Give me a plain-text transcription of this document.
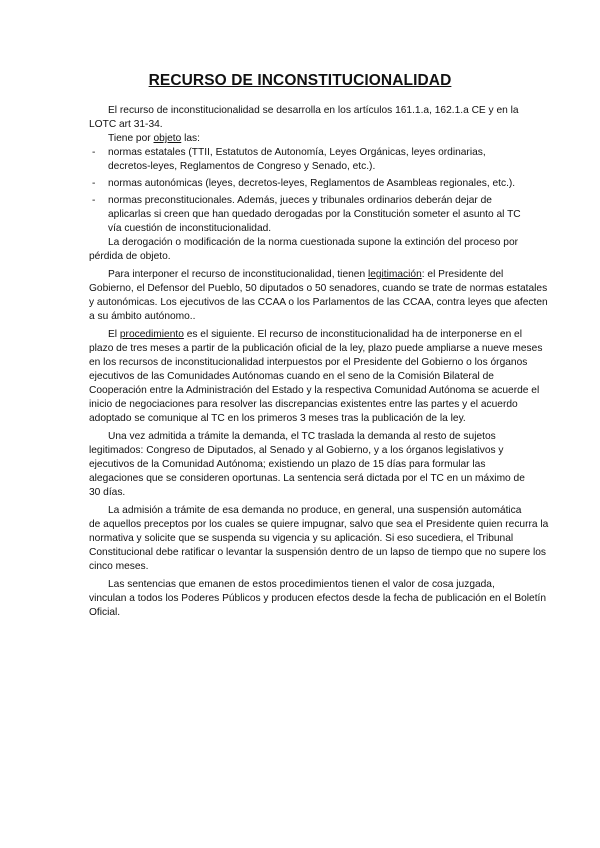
RECURSO DE INCONSTITUCIONALIDAD
El recurso de inconstitucionalidad se desarrolla en los artículos 161.1.a, 162.1.a CE y en la
LOTC art 31-34.
Tiene por objeto las:
- normas estatales (TTII, Estatutos de Autonomía, Leyes Orgánicas, leyes ordinarias,
decretos-leyes, Reglamentos de Congreso y Senado, etc.).
- normas autonómicas (leyes, decretos-leyes, Reglamentos de Asambleas regionales, etc.).
- normas preconstitucionales. Además, jueces y tribunales ordinarios deberán dejar de
aplicarlas si creen que han quedado derogadas por la Constitución someter el asunto al TC
vía cuestión de inconstitucionalidad.
La derogación o modificación de la norma cuestionada supone la extinción del proceso por
pérdida de objeto.
Para interponer el recurso de inconstitucionalidad, tienen legitimación: el Presidente del
Gobierno, el Defensor del Pueblo, 50 diputados o 50 senadores, cuando se trate de normas estatales
y autonómicas. Los ejecutivos de las CCAA o los Parlamentos de las CCAA, contra leyes que afecten
a su ámbito autónomo..
El procedimiento es el siguiente. El recurso de inconstitucionalidad ha de interponerse en el
plazo de tres meses a partir de la publicación oficial de la ley, plazo puede ampliarse a nueve meses
en los recursos de inconstitucionalidad interpuestos por el Presidente del Gobierno o los órganos
ejecutivos de las Comunidades Autónomas cuando en el seno de la Comisión Bilateral de
Cooperación entre la Administración del Estado y la respectiva Comunidad Autónoma se acuerde el
inicio de negociaciones para resolver las discrepancias existentes entre las partes y el acuerdo
adoptado se comunique al TC en los primeros 3 meses tras la publicación de la ley.
Una vez admitida a trámite la demanda, el TC traslada la demanda al resto de sujetos
legitimados: Congreso de Diputados, al Senado y al Gobierno, y a los órganos legislativos y
ejecutivos de la Comunidad Autónoma; existiendo un plazo de 15 días para formular las
alegaciones que se consideren oportunas. La sentencia será dictada por el TC en un máximo de
30 días.
La admisión a trámite de esa demanda no produce, en general, una suspensión automática
de aquellos preceptos por los cuales se quiere impugnar, salvo que sea el Presidente quien recurra la
normativa y solicite que se suspenda su vigencia y su aplicación. Si eso sucediera, el Tribunal
Constitucional debe ratificar o levantar la suspensión dentro de un lapso de tiempo que no supere los
cinco meses.
Las sentencias que emanen de estos procedimientos tienen el valor de cosa juzgada,
vinculan a todos los Poderes Públicos y producen efectos desde la fecha de publicación en el Boletín
Oficial.
